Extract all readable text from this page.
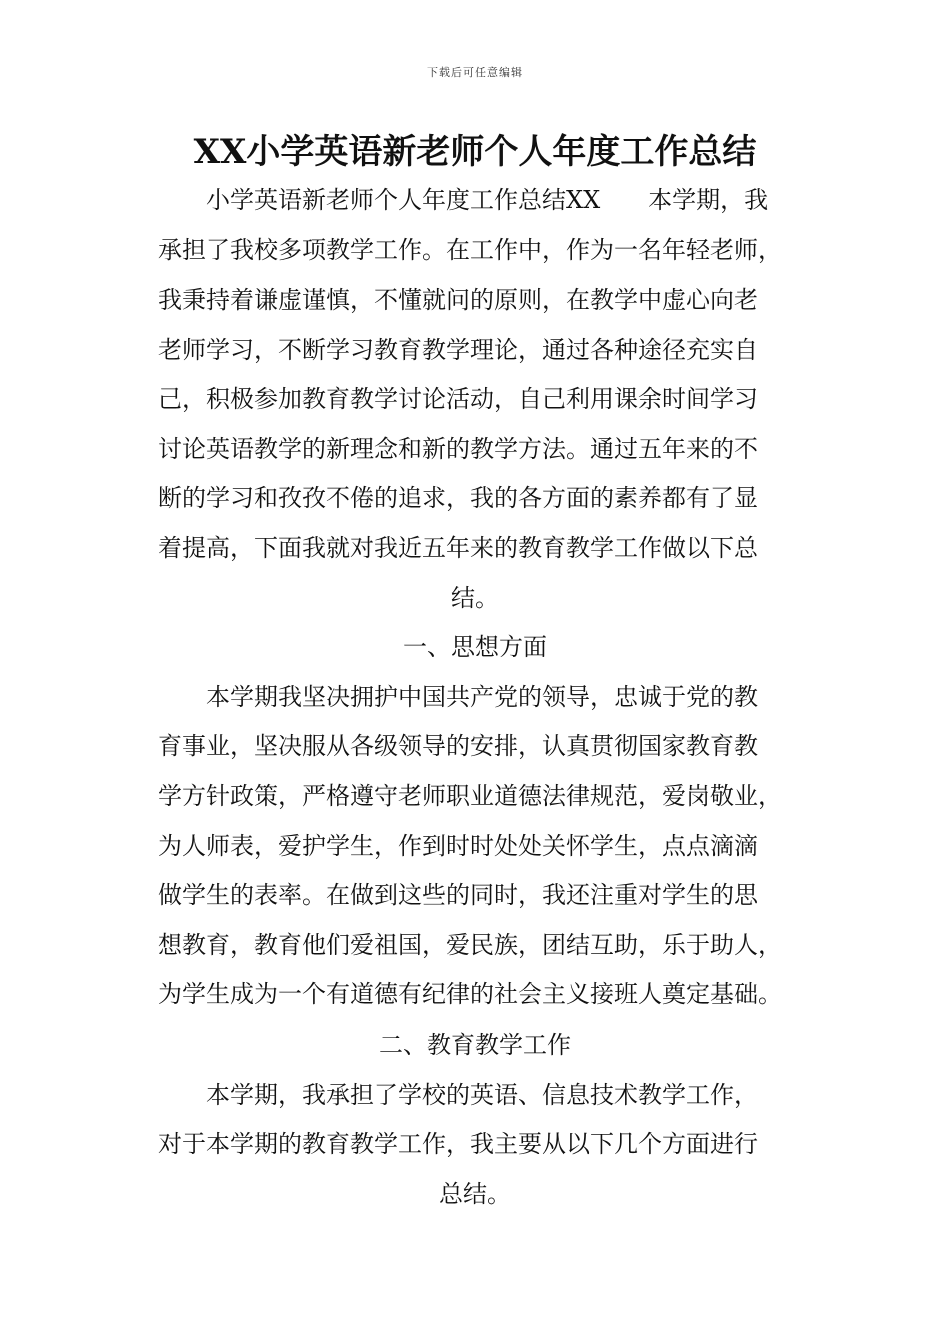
下载后可任意编辑
XX小学英语新老师个人年度工作总结
小学英语新老师个人年度工作总结XX　　本学期，我
承担了我校多项教学工作。在工作中，作为一名年轻老师，
我秉持着谦虚谨慎，不懂就问的原则，在教学中虚心向老
老师学习，不断学习教育教学理论，通过各种途径充实自
己，积极参加教育教学讨论活动，自己利用课余时间学习
讨论英语教学的新理念和新的教学方法。通过五年来的不
断的学习和孜孜不倦的追求，我的各方面的素养都有了显
着提高，下面我就对我近五年来的教育教学工作做以下总
结。
一、思想方面
本学期我坚决拥护中国共产党的领导，忠诚于党的教
育事业，坚决服从各级领导的安排，认真贯彻国家教育教
学方针政策，严格遵守老师职业道德法律规范，爱岗敬业，
为人师表，爱护学生，作到时时处处关怀学生，点点滴滴
做学生的表率。在做到这些的同时，我还注重对学生的思
想教育，教育他们爱祖国，爱民族，团结互助，乐于助人，
为学生成为一个有道德有纪律的社会主义接班人奠定基础。
二、教育教学工作
本学期，我承担了学校的英语、信息技术教学工作，
对于本学期的教育教学工作，我主要从以下几个方面进行
总结。
